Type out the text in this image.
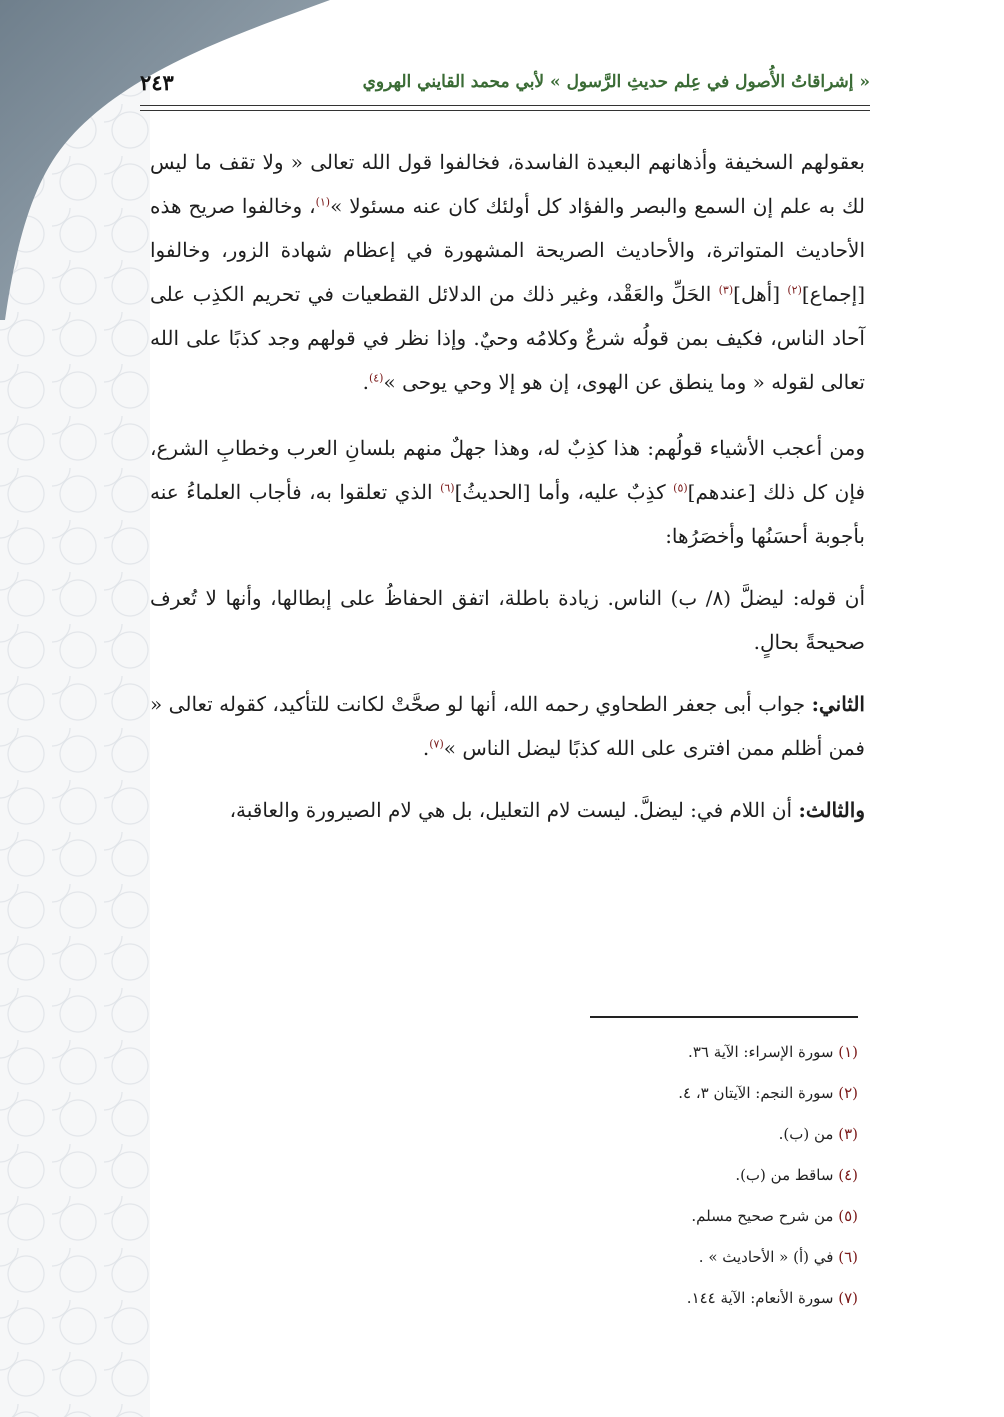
٢٤٣	« إشراقاتُ الأُصول في عِلم حديثِ الرَّسول » لأبي محمد القايني الهروي

بعقولهم السخيفة وأذهانهم البعيدة الفاسدة، فخالفوا قول الله تعالى « ولا تقف ما ليس لك به علم إن السمع والبصر والفؤاد كل أولئك كان عنه مسئولا »$^{(١)}$، وخالفوا صريح هذه الأحاديث المتواترة، والأحاديث الصريحة المشهورة في إعظام شهادة الزور، وخالفوا [إجماع]$^{(٢)}$ [أهل]$^{(٣)}$ الحَلِّ والعَقْد، وغير ذلك من الدلائل القطعيات في تحريم الكذِب على آحاد الناس، فكيف بمن قولُه شرعٌ وكلامُه وحيٌ. وإذا نظر في قولهم وجد كذبًا على الله تعالى لقوله « وما ينطق عن الهوى، إن هو إلا وحي يوحى »$^{(٤)}$.

ومن أعجب الأشياء قولُهم: هذا كذِبٌ له، وهذا جهلٌ منهم بلسانِ العرب وخطابِ الشرع، فإن كل ذلك [عندهم]$^{(٥)}$ كذِبٌ عليه، وأما [الحديثُ]$^{(٦)}$ الذي تعلقوا به، فأجاب العلماءُ عنه بأجوبة أحسَنُها وأخصَرُها:

أن قوله: ليضلَّ (٨/ ب) الناس. زيادة باطلة، اتفق الحفاظُ على إبطالها، وأنها لا تُعرف صحيحةً بحالٍ.

الثاني: جواب أبى جعفر الطحاوي رحمه الله، أنها لو صحَّتْ لكانت للتأكيد، كقوله تعالى « فمن أظلم ممن افترى على الله كذبًا ليضل الناس »$^{(٧)}$.

والثالث: أن اللام في: ليضلَّ. ليست لام التعليل، بل هي لام الصيرورة والعاقبة،

(١) سورة الإسراء: الآية ٣٦.
(٢) سورة النجم: الآيتان ٣، ٤.
(٣) من (ب).
(٤) ساقط من (ب).
(٥) من شرح صحيح مسلم.
(٦) في (أ) « الأحاديث » .
(٧) سورة الأنعام: الآية ١٤٤.
